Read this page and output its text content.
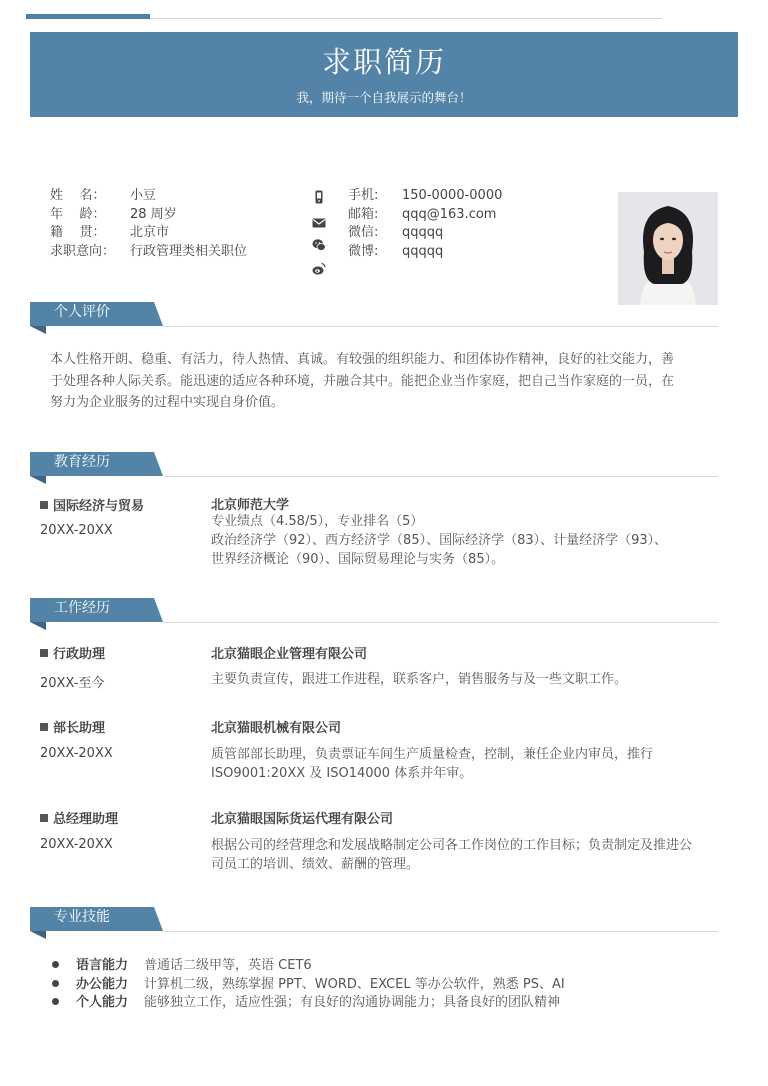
求职简历
我，期待一个自我展示的舞台！
姓    名： 小豆
年    龄： 28 周岁
籍    贯： 北京市
求职意向： 行政管理类相关职位
手机: 150-0000-0000
邮箱: qqq@163.com
微信: qqqqq
微博: qqqqq
个人评价
本人性格开朗、稳重、有活力，待人热情、真诚。有较强的组织能力、和团体协作精神，良好的社交能力，善
于处理各种人际关系。能迅速的适应各种环境，并融合其中。能把企业当作家庭，把自己当作家庭的一员，在
努力为企业服务的过程中实现自身价值。
教育经历
国际经济与贸易
20XX-20XX
北京师范大学
专业绩点（4.58/5），专业排名（5）
政治经济学（92）、西方经济学（85）、国际经济学（83）、计量经济学（93）、
世界经济概论（90）、国际贸易理论与实务（85）。
工作经历
行政助理
20XX-至今
北京猫眼企业管理有限公司
主要负责宣传，跟进工作进程，联系客户，销售服务与及一些文职工作。
部长助理
20XX-20XX
北京猫眼机械有限公司
质管部部长助理，负责票证车间生产质量检查，控制，兼任企业内审员，推行
ISO9001:20XX 及 ISO14000 体系并年审。
总经理助理
20XX-20XX
北京猫眼国际货运代理有限公司
根据公司的经营理念和发展战略制定公司各工作岗位的工作目标；负责制定及推进公
司员工的培训、绩效、薪酬的管理。
专业技能
语言能力 普通话二级甲等，英语 CET6
办公能力 计算机二级，熟练掌握 PPT、WORD、EXCEL 等办公软件，熟悉 PS、AI
个人能力 能够独立工作，适应性强；有良好的沟通协调能力；具备良好的团队精神
